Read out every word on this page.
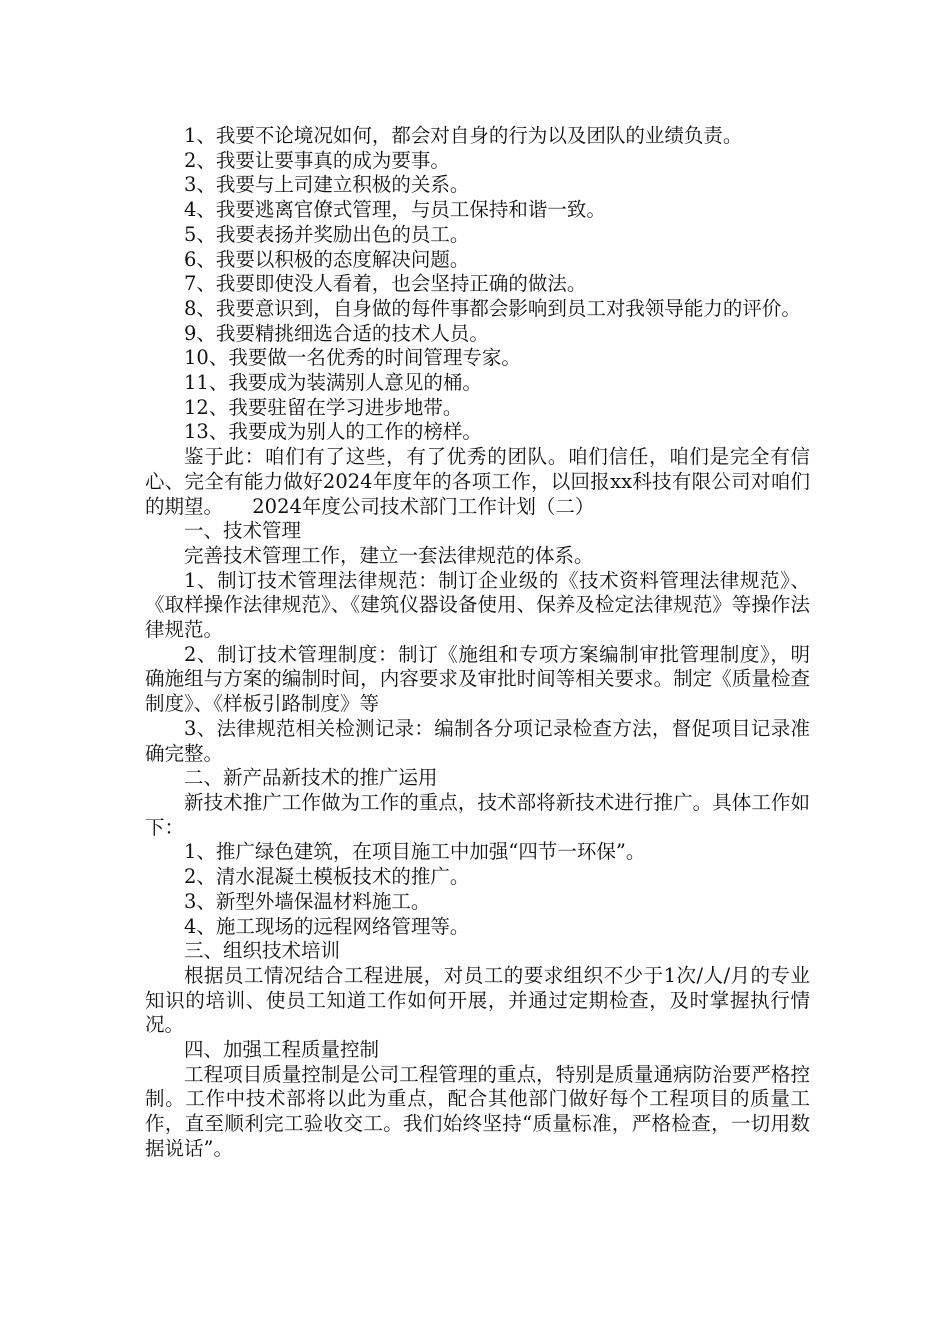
1、我要不论境况如何，都会对自身的行为以及团队的业绩负责。

2、我要让要事真的成为要事。

3、我要与上司建立积极的关系。

4、我要逃离官僚式管理，与员工保持和谐一致。

5、我要表扬并奖励出色的员工。

6、我要以积极的态度解决问题。

7、我要即使没人看着，也会坚持正确的做法。

8、我要意识到，自身做的每件事都会影响到员工对我领导能力的评价。

9、我要精挑细选合适的技术人员。

10、我要做一名优秀的时间管理专家。

11、我要成为装满别人意见的桶。

12、我要驻留在学习进步地带。

13、我要成为别人的工作的榜样。

鉴于此：咱们有了这些，有了优秀的团队。咱们信任，咱们是完全有信心、完全有能力做好2024年度年的各项工作，以回报xx科技有限公司对咱们的期望。　　2024年度公司技术部门工作计划（二）

一、技术管理

完善技术管理工作，建立一套法律规范的体系。

1、制订技术管理法律规范：制订企业级的《技术资料管理法律规范》、《取样操作法律规范》、《建筑仪器设备使用、保养及检定法律规范》等操作法律规范。

2、制订技术管理制度：制订《施组和专项方案编制审批管理制度》，明确施组与方案的编制时间，内容要求及审批时间等相关要求。制定《质量检查制度》、《样板引路制度》等

3、法律规范相关检测记录：编制各分项记录检查方法，督促项目记录准确完整。

二、新产品新技术的推广运用

新技术推广工作做为工作的重点，技术部将新技术进行推广。具体工作如下：

1、推广绿色建筑，在项目施工中加强“四节一环保”。

2、清水混凝土模板技术的推广。

3、新型外墙保温材料施工。

4、施工现场的远程网络管理等。

三、组织技术培训

根据员工情况结合工程进展，对员工的要求组织不少于1次/人/月的专业知识的培训、使员工知道工作如何开展，并通过定期检查，及时掌握执行情况。

四、加强工程质量控制

工程项目质量控制是公司工程管理的重点，特别是质量通病防治要严格控制。工作中技术部将以此为重点，配合其他部门做好每个工程项目的质量工作，直至顺利完工验收交工。我们始终坚持“质量标准，严格检查，一切用数据说话”。
